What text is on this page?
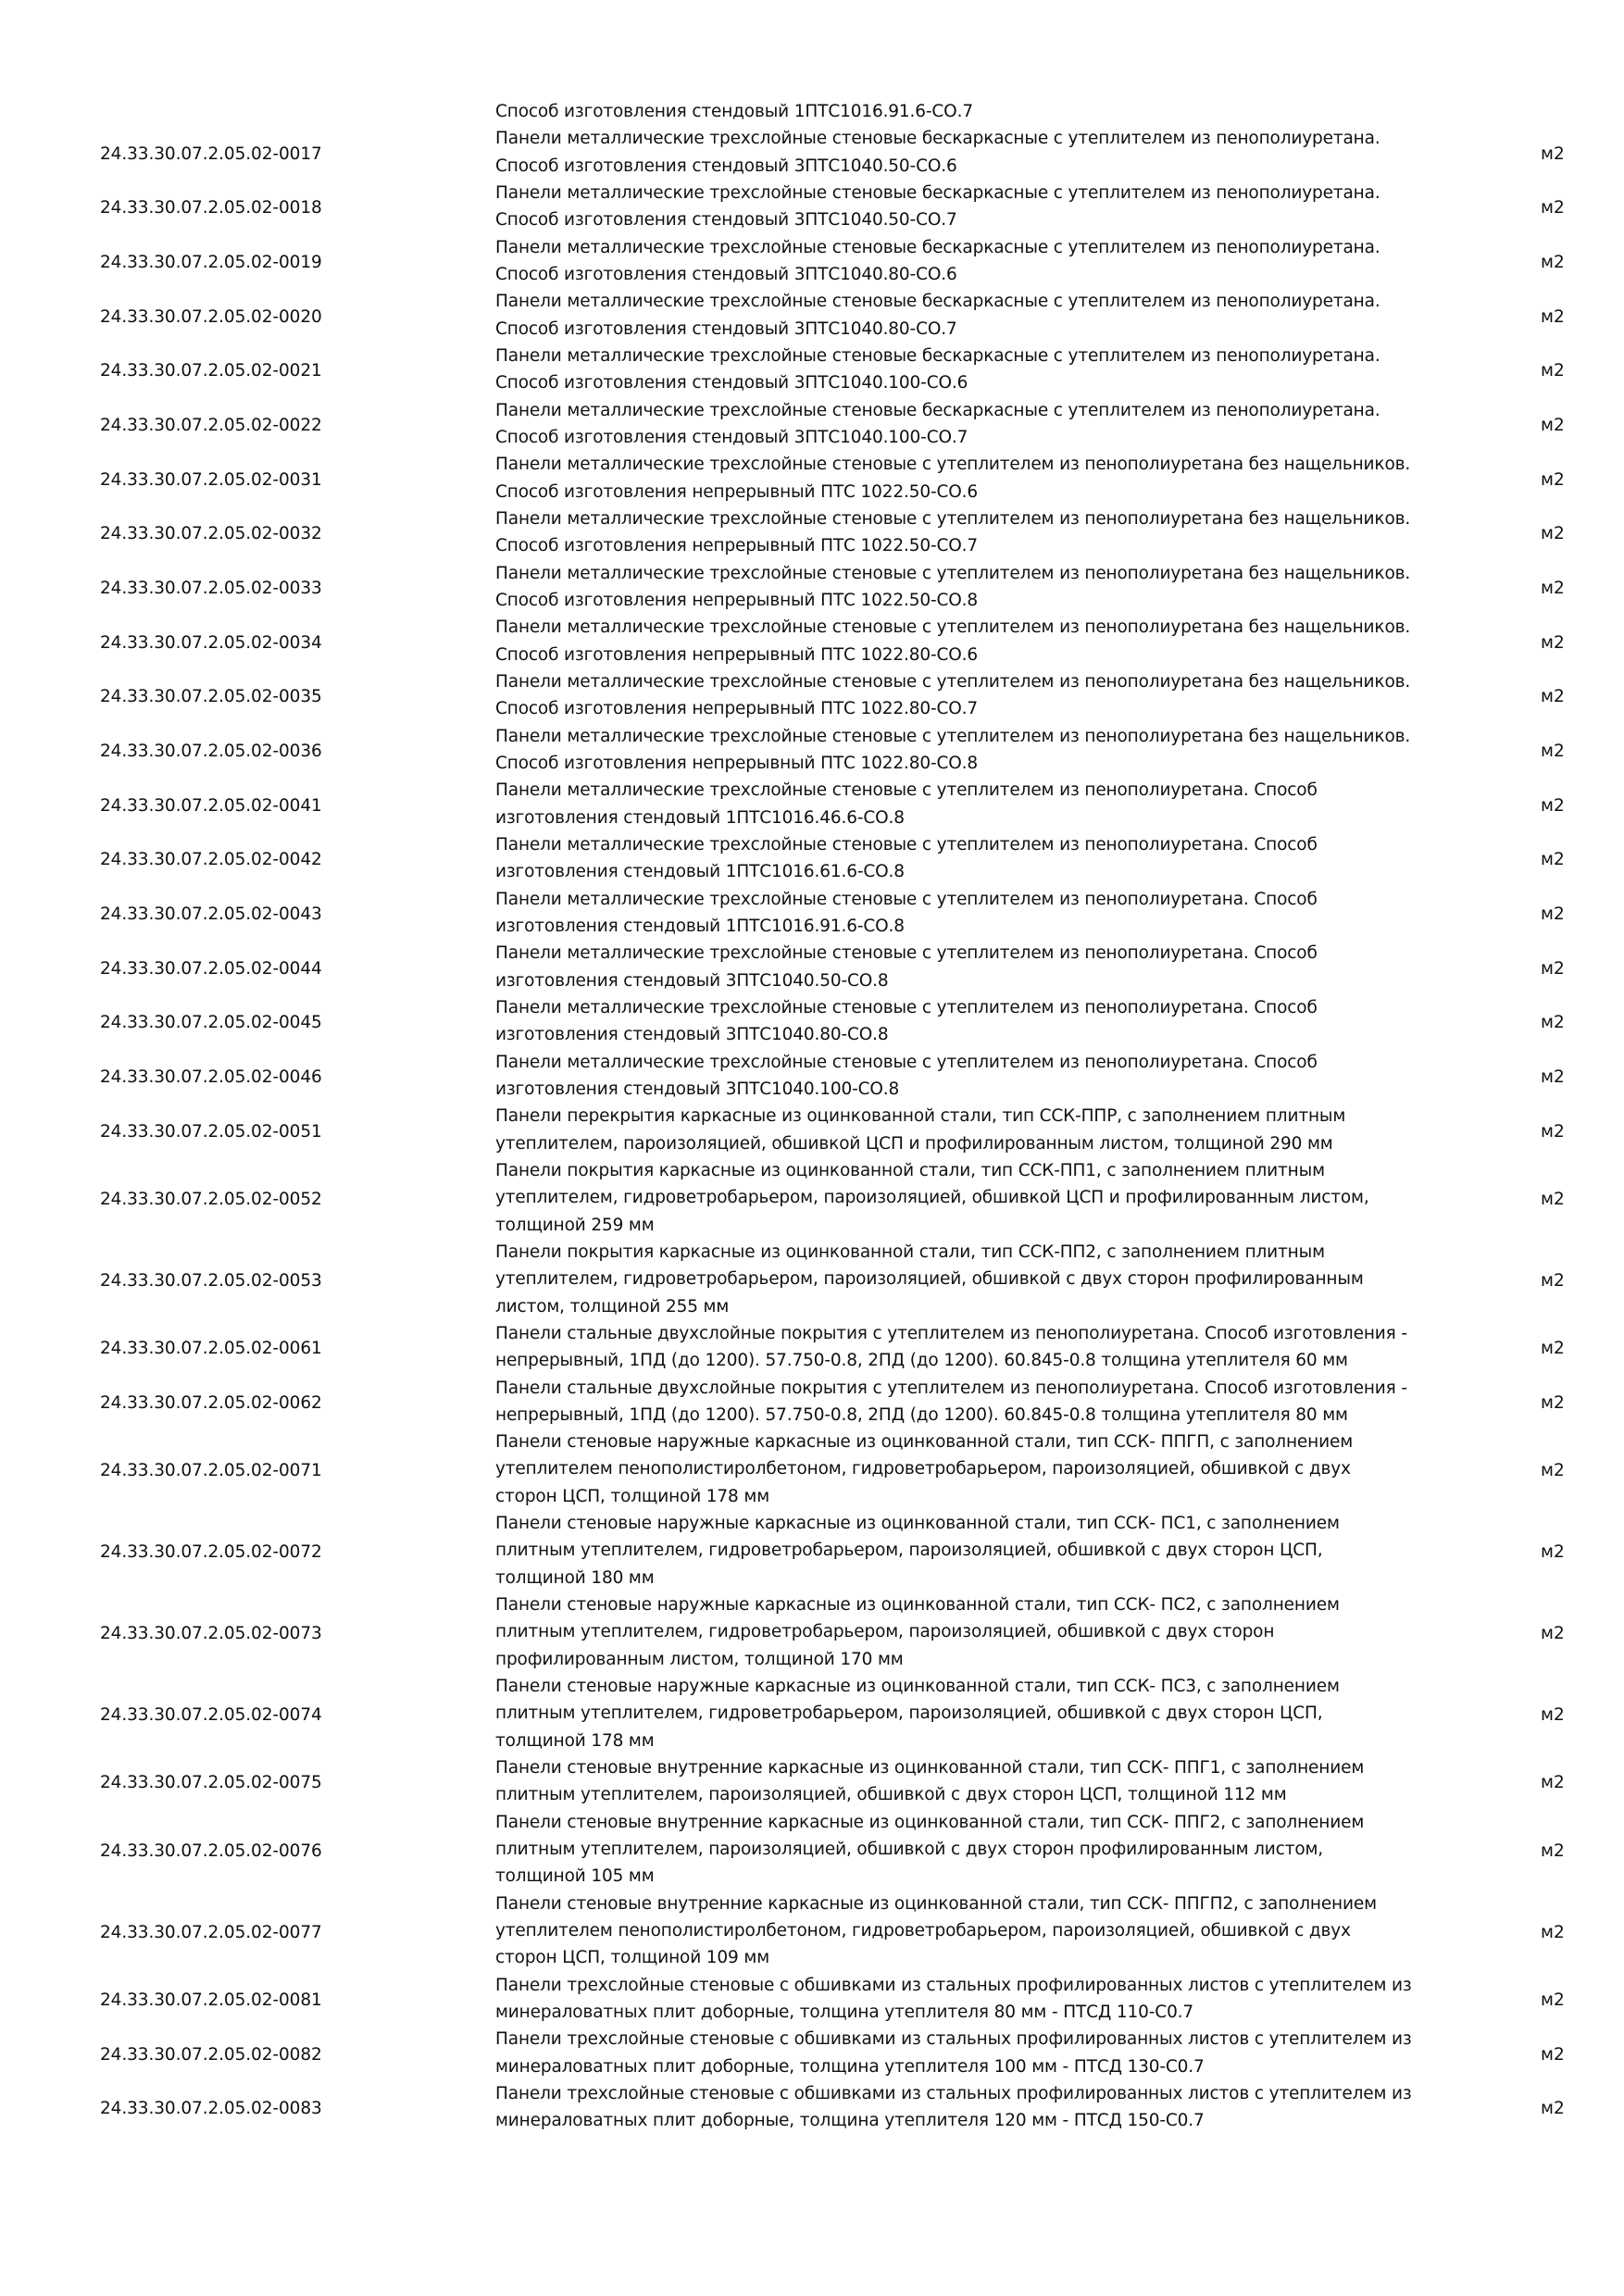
Способ изготовления стендовый 1ПТС1016.91.6-СО.7
24.33.30.07.2.05.02-0017
Панели металлические трехслойные стеновые бескаркасные с утеплителем из пенополиуретана.
Способ изготовления стендовый 3ПТС1040.50-СО.6
м2
24.33.30.07.2.05.02-0018
Панели металлические трехслойные стеновые бескаркасные с утеплителем из пенополиуретана.
Способ изготовления стендовый 3ПТС1040.50-СО.7
м2
24.33.30.07.2.05.02-0019
Панели металлические трехслойные стеновые бескаркасные с утеплителем из пенополиуретана.
Способ изготовления стендовый 3ПТС1040.80-СО.6
м2
24.33.30.07.2.05.02-0020
Панели металлические трехслойные стеновые бескаркасные с утеплителем из пенополиуретана.
Способ изготовления стендовый 3ПТС1040.80-СО.7
м2
24.33.30.07.2.05.02-0021
Панели металлические трехслойные стеновые бескаркасные с утеплителем из пенополиуретана.
Способ изготовления стендовый 3ПТС1040.100-СО.6
м2
24.33.30.07.2.05.02-0022
Панели металлические трехслойные стеновые бескаркасные с утеплителем из пенополиуретана.
Способ изготовления стендовый 3ПТС1040.100-СО.7
м2
24.33.30.07.2.05.02-0031
Панели металлические трехслойные стеновые с утеплителем из пенополиуретана без нащельников.
Способ изготовления непрерывный ПТС 1022.50-СО.6
м2
24.33.30.07.2.05.02-0032
Панели металлические трехслойные стеновые с утеплителем из пенополиуретана без нащельников.
Способ изготовления непрерывный ПТС 1022.50-СО.7
м2
24.33.30.07.2.05.02-0033
Панели металлические трехслойные стеновые с утеплителем из пенополиуретана без нащельников.
Способ изготовления непрерывный ПТС 1022.50-СО.8
м2
24.33.30.07.2.05.02-0034
Панели металлические трехслойные стеновые с утеплителем из пенополиуретана без нащельников.
Способ изготовления непрерывный ПТС 1022.80-СО.6
м2
24.33.30.07.2.05.02-0035
Панели металлические трехслойные стеновые с утеплителем из пенополиуретана без нащельников.
Способ изготовления непрерывный ПТС 1022.80-СО.7
м2
24.33.30.07.2.05.02-0036
Панели металлические трехслойные стеновые с утеплителем из пенополиуретана без нащельников.
Способ изготовления непрерывный ПТС 1022.80-СО.8
м2
24.33.30.07.2.05.02-0041
Панели металлические трехслойные стеновые с утеплителем из пенополиуретана. Способ
изготовления стендовый 1ПТС1016.46.6-СО.8
м2
24.33.30.07.2.05.02-0042
Панели металлические трехслойные стеновые с утеплителем из пенополиуретана. Способ
изготовления стендовый 1ПТС1016.61.6-СО.8
м2
24.33.30.07.2.05.02-0043
Панели металлические трехслойные стеновые с утеплителем из пенополиуретана. Способ
изготовления стендовый 1ПТС1016.91.6-СО.8
м2
24.33.30.07.2.05.02-0044
Панели металлические трехслойные стеновые с утеплителем из пенополиуретана. Способ
изготовления стендовый 3ПТС1040.50-СО.8
м2
24.33.30.07.2.05.02-0045
Панели металлические трехслойные стеновые с утеплителем из пенополиуретана. Способ
изготовления стендовый 3ПТС1040.80-СО.8
м2
24.33.30.07.2.05.02-0046
Панели металлические трехслойные стеновые с утеплителем из пенополиуретана. Способ
изготовления стендовый 3ПТС1040.100-СО.8
м2
24.33.30.07.2.05.02-0051
Панели перекрытия каркасные из оцинкованной стали, тип ССК-ППР, с заполнением плитным
утеплителем, пароизоляцией, обшивкой ЦСП и профилированным листом, толщиной 290 мм
м2
24.33.30.07.2.05.02-0052
Панели покрытия каркасные из оцинкованной стали, тип ССК-ПП1, с заполнением плитным
утеплителем, гидроветробарьером, пароизоляцией, обшивкой ЦСП и профилированным листом,
толщиной 259 мм
м2
24.33.30.07.2.05.02-0053
Панели покрытия каркасные из оцинкованной стали, тип ССК-ПП2, с заполнением плитным
утеплителем, гидроветробарьером, пароизоляцией, обшивкой с двух сторон профилированным
листом, толщиной 255 мм
м2
24.33.30.07.2.05.02-0061
Панели стальные двухслойные покрытия с утеплителем из пенополиуретана. Способ изготовления -
непрерывный, 1ПД (до 1200). 57.750-0.8, 2ПД (до 1200). 60.845-0.8 толщина утеплителя 60 мм
м2
24.33.30.07.2.05.02-0062
Панели стальные двухслойные покрытия с утеплителем из пенополиуретана. Способ изготовления -
непрерывный, 1ПД (до 1200). 57.750-0.8, 2ПД (до 1200). 60.845-0.8 толщина утеплителя 80 мм
м2
24.33.30.07.2.05.02-0071
Панели стеновые наружные каркасные из оцинкованной стали, тип ССК- ППГП, с заполнением
утеплителем пенополистиролбетоном, гидроветробарьером, пароизоляцией, обшивкой с двух
сторон ЦСП, толщиной 178 мм
м2
24.33.30.07.2.05.02-0072
Панели стеновые наружные каркасные из оцинкованной стали, тип ССК- ПС1, с заполнением
плитным утеплителем, гидроветробарьером, пароизоляцией, обшивкой с двух сторон ЦСП,
толщиной 180 мм
м2
24.33.30.07.2.05.02-0073
Панели стеновые наружные каркасные из оцинкованной стали, тип ССК- ПС2, с заполнением
плитным утеплителем, гидроветробарьером, пароизоляцией, обшивкой с двух сторон
профилированным листом, толщиной 170 мм
м2
24.33.30.07.2.05.02-0074
Панели стеновые наружные каркасные из оцинкованной стали, тип ССК- ПС3, с заполнением
плитным утеплителем, гидроветробарьером, пароизоляцией, обшивкой с двух сторон ЦСП,
толщиной 178 мм
м2
24.33.30.07.2.05.02-0075
Панели стеновые внутренние каркасные из оцинкованной стали, тип ССК- ППГ1, с заполнением
плитным утеплителем, пароизоляцией, обшивкой с двух сторон ЦСП, толщиной 112 мм
м2
24.33.30.07.2.05.02-0076
Панели стеновые внутренние каркасные из оцинкованной стали, тип ССК- ППГ2, с заполнением
плитным утеплителем, пароизоляцией, обшивкой с двух сторон профилированным листом,
толщиной 105 мм
м2
24.33.30.07.2.05.02-0077
Панели стеновые внутренние каркасные из оцинкованной стали, тип ССК- ППГП2, с заполнением
утеплителем пенополистиролбетоном, гидроветробарьером, пароизоляцией, обшивкой с двух
сторон ЦСП, толщиной 109 мм
м2
24.33.30.07.2.05.02-0081
Панели трехслойные стеновые с обшивками из стальных профилированных листов с утеплителем из
минераловатных плит доборные, толщина утеплителя 80 мм - ПТСД 110-С0.7
м2
24.33.30.07.2.05.02-0082
Панели трехслойные стеновые с обшивками из стальных профилированных листов с утеплителем из
минераловатных плит доборные, толщина утеплителя 100 мм - ПТСД 130-С0.7
м2
24.33.30.07.2.05.02-0083
Панели трехслойные стеновые с обшивками из стальных профилированных листов с утеплителем из
минераловатных плит доборные, толщина утеплителя 120 мм - ПТСД 150-С0.7
м2
